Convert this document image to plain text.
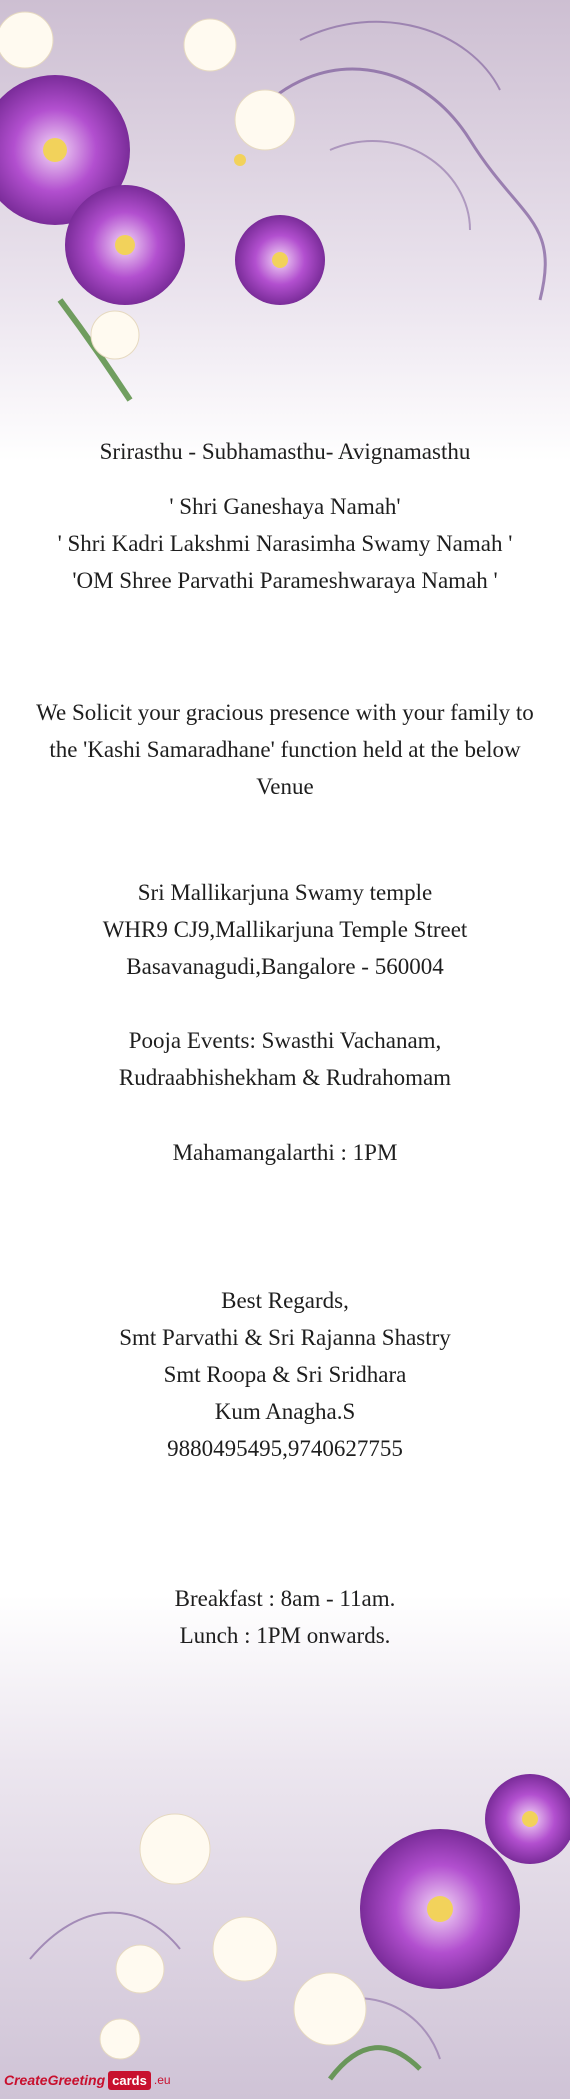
Srirasthu - Subhamasthu- Avignamasthu

' Shri Ganeshaya Namah'

' Shri Kadri Lakshmi Narasimha Swamy Namah '

'OM Shree Parvathi Parameshwaraya Namah '

We Solicit your gracious presence with your family to

the 'Kashi Samaradhane' function held at the below

Venue

Sri Mallikarjuna Swamy temple

WHR9 CJ9,Mallikarjuna Temple Street

Basavanagudi,Bangalore - 560004

Pooja Events: Swasthi Vachanam,

Rudraabhishekham & Rudrahomam

Mahamangalarthi : 1PM

Best Regards,

Smt Parvathi & Sri Rajanna Shastry

Smt Roopa & Sri Sridhara

Kum Anagha.S

9880495495,9740627755

Breakfast : 8am - 11am.

Lunch : 1PM onwards.

CreateGreeting cards .eu
